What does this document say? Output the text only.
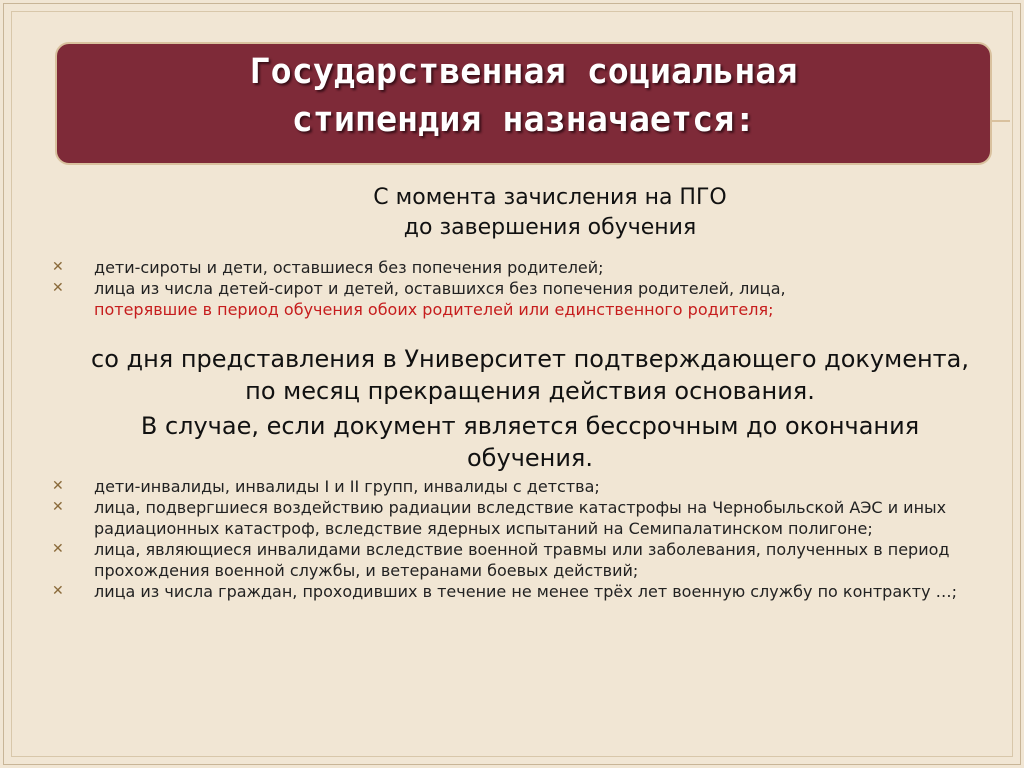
Государственная социальная
стипендия назначается:
С момента зачисления на ПГО
до завершения обучения
✕ дети-сироты и дети, оставшиеся без попечения родителей;
✕ лица из числа детей-сирот и детей, оставшихся без попечения родителей, лица,
потерявшие в период обучения обоих родителей или единственного родителя;
со дня представления в Университет подтверждающего документа,
по месяц прекращения действия основания.
В случае, если документ является бессрочным до окончания
обучения.
✕ дети-инвалиды, инвалиды I и II групп, инвалиды с детства;
✕ лица, подвергшиеся воздействию радиации вследствие катастрофы на Чернобыльской АЭС и иных радиационных катастроф, вследствие ядерных испытаний на Семипалатинском полигоне;
✕ лица, являющиеся инвалидами вследствие военной травмы или заболевания, полученных в период прохождения военной службы, и ветеранами боевых действий;
✕ лица из числа граждан, проходивших в течение не менее трёх лет военную службу по контракту …;
